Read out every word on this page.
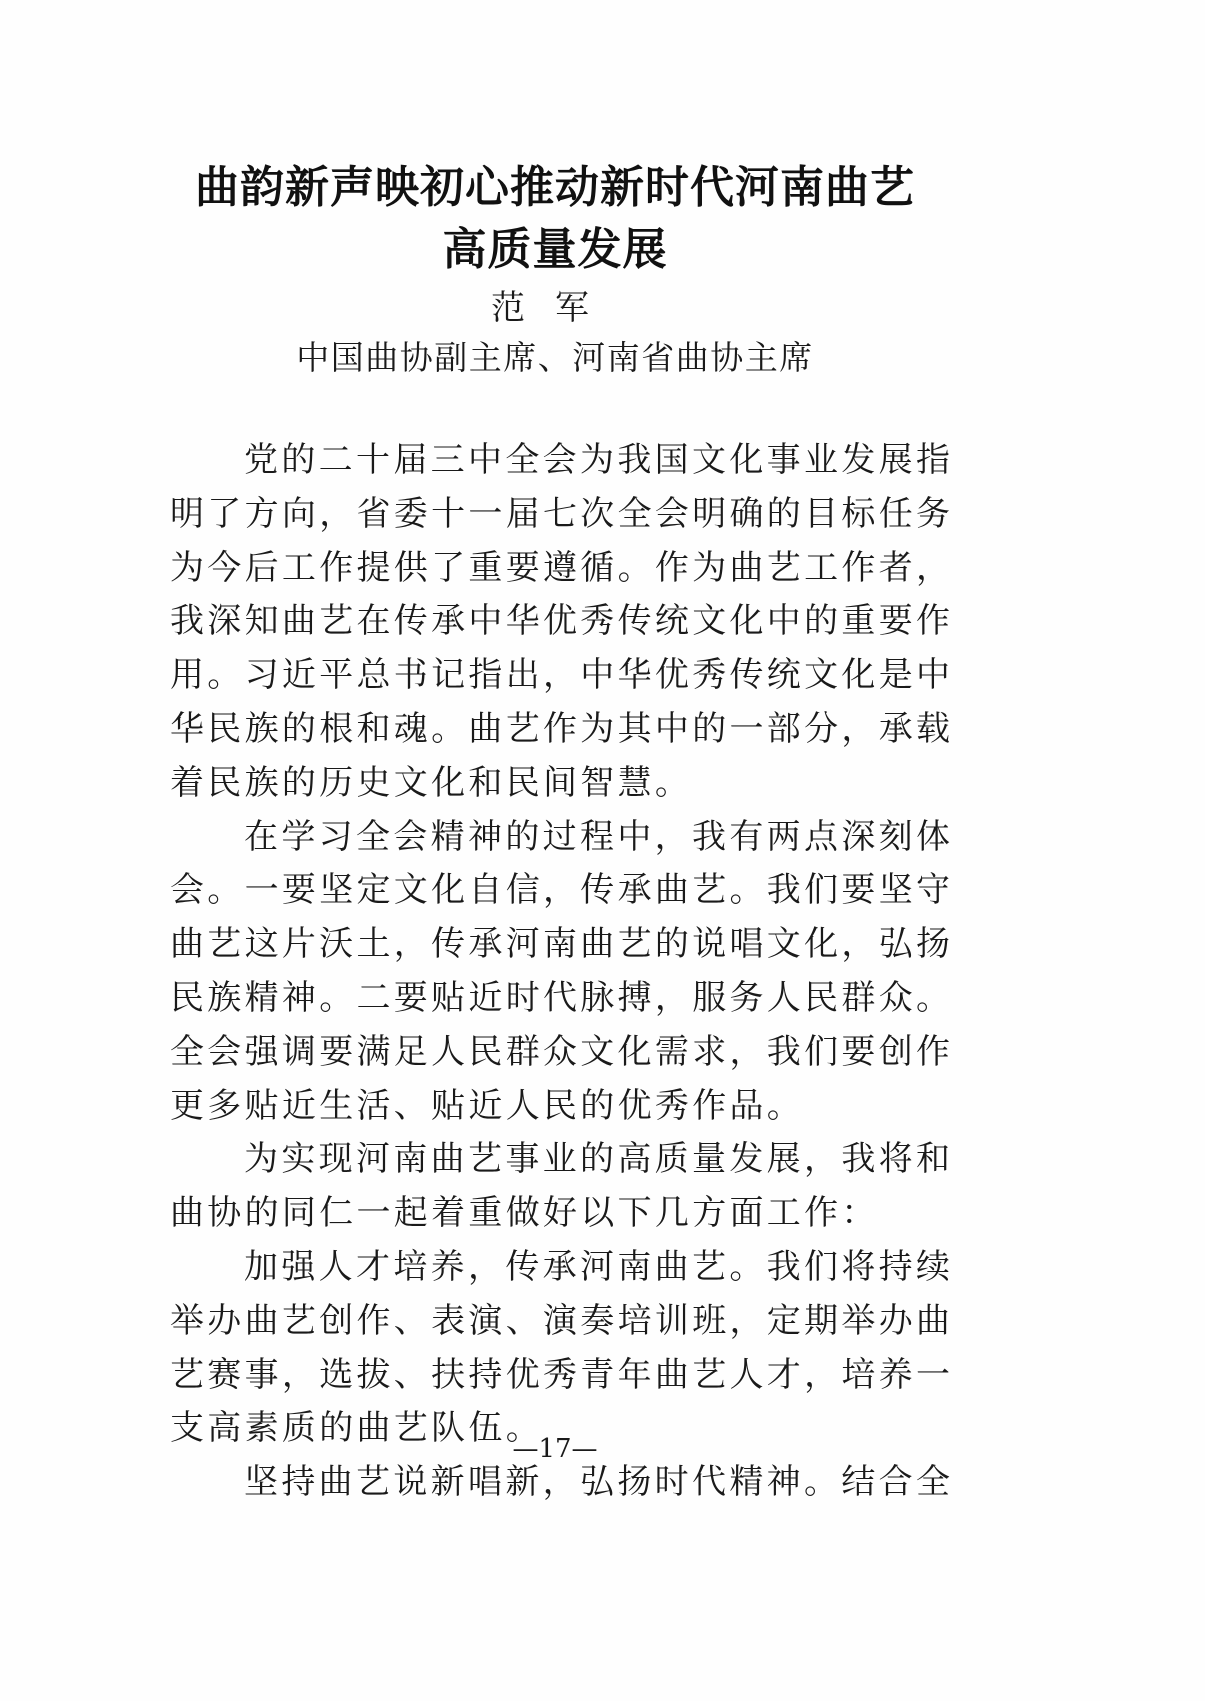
曲韵新声映初心推动新时代河南曲艺
高质量发展
范军
中国曲协副主席、河南省曲协主席
党的二十届三中全会为我国文化事业发展指
明了方向，省委十一届七次全会明确的目标任务
为今后工作提供了重要遵循。作为曲艺工作者，
我深知曲艺在传承中华优秀传统文化中的重要作
用。习近平总书记指出，中华优秀传统文化是中
华民族的根和魂。曲艺作为其中的一部分，承载
着民族的历史文化和民间智慧。
在学习全会精神的过程中，我有两点深刻体
会。一要坚定文化自信，传承曲艺。我们要坚守
曲艺这片沃土，传承河南曲艺的说唱文化，弘扬
民族精神。二要贴近时代脉搏，服务人民群众。
全会强调要满足人民群众文化需求，我们要创作
更多贴近生活、贴近人民的优秀作品。
为实现河南曲艺事业的高质量发展，我将和
曲协的同仁一起着重做好以下几方面工作：
加强人才培养，传承河南曲艺。我们将持续
举办曲艺创作、表演、演奏培训班，定期举办曲
艺赛事，选拔、扶持优秀青年曲艺人才，培养一
支高素质的曲艺队伍。
坚持曲艺说新唱新，弘扬时代精神。结合全
—17—
